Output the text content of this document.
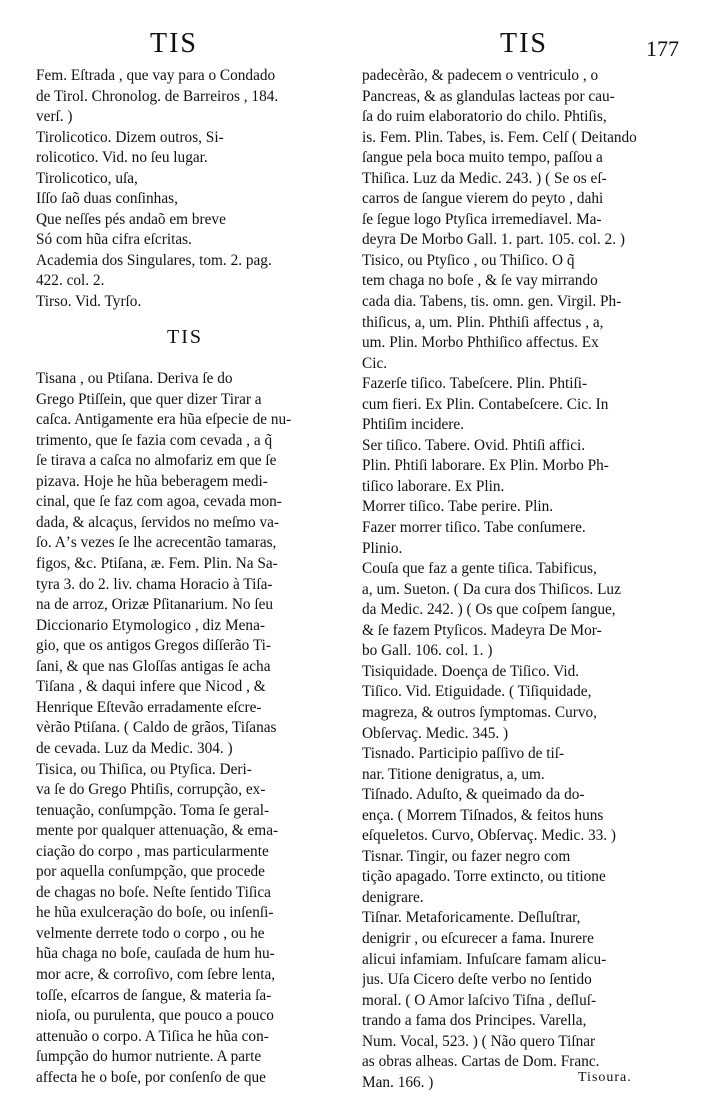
TIS	TIS	177
Fem. Eſtrada , que vay para o Condado
de Tirol. Chronolog. de Barreiros , 184.
verſ. )
Tirolicotico. Dizem outros, Si-
rolicotico. Vid. no ſeu lugar.
Tirolicotico, uſa,
Iſſo ſaõ duas conſinhas,
Que neſſes pés andaõ em breve
Só com hũa cifra eſcritas.
Academia dos Singulares, tom. 2. pag.
422. col. 2.
Tirso. Vid. Tyrſo.
TIS
Tisana , ou Ptiſana. Deriva ſe do
Grego Ptiſſein, que quer dizer Tirar a
caſca. Antigamente era hũa eſpecie de nu-
trimento, que ſe fazia com cevada , a q̃
ſe tirava a caſca no almofariz em que ſe
pizava. Hoje he hũa beberagem medi-
cinal, que ſe faz com agoa, cevada mon-
dada, & alcaçus, ſervidos no meſmo va-
ſo. Aʼs vezes ſe lhe acrecentão tamaras,
figos, &c. Ptiſana, æ. Fem. Plin. Na Sa-
tyra 3. do 2. liv. chama Horacio à Tiſa-
na de arroz, Orizæ Pſitanarium. No ſeu
Diccionario Etymologico , diz Mena-
gio, que os antigos Gregos diſſerão Ti-
ſani, & que nas Gloſſas antigas ſe acha
Tiſana , & daqui infere que Nicod , &
Henrique Eſtevão erradamente eſcre-
vèrão Ptiſana. ( Caldo de grãos, Tiſanas
de cevada. Luz da Medic. 304. )
Tisica, ou Thiſica, ou Ptyſica. Deri-
va ſe do Grego Phtiſis, corrupção, ex-
tenuação, conſumpção. Toma ſe geral-
mente por qualquer attenuação, & ema-
ciação do corpo , mas particularmente
por aquella conſumpção, que procede
de chagas no boſe. Neſte ſentido Tiſica
he hũa exulceração do boſe, ou inſenſi-
velmente derrete todo o corpo , ou he
hũa chaga no boſe, cauſada de hum hu-
mor acre, & corroſivo, com ſebre lenta,
toſſe, eſcarros de ſangue, & materia ſa-
nioſa, ou purulenta, que pouco a pouco
attenuão o corpo. A Tiſica he hũa con-
ſumpção do humor nutriente. A parte
affecta he o boſe, por conſenſo de que
padecèrão, & padecem o ventriculo , o
Pancreas, & as glandulas lacteas por cau-
ſa do ruim elaboratorio do chilo. Phtiſis,
is. Fem. Plin. Tabes, is. Fem. Celſ ( Deitando
ſangue pela boca muito tempo, paſſou a
Thiſica. Luz da Medic. 243. ) ( Se os eſ-
carros de ſangue vierem do peyto , dahi
ſe ſegue logo Ptyſica irremediavel. Ma-
deyra De Morbo Gall. 1. part. 105. col. 2. )
Tisico, ou Ptyſico , ou Thiſico. O q̃
tem chaga no boſe , & ſe vay mirrando
cada dia. Tabens, tis. omn. gen. Virgil. Ph-
thiſicus, a, um. Plin. Phthiſi affectus , a,
um. Plin. Morbo Phthiſico affectus. Ex
Cic.
Fazerſe tiſico. Tabeſcere. Plin. Phtiſi-
cum fieri. Ex Plin. Contabeſcere. Cic. In
Phtiſim incidere.
Ser tiſico. Tabere. Ovid. Phtiſi affici.
Plin. Phtiſi laborare. Ex Plin. Morbo Ph-
tiſico laborare. Ex Plin.
Morrer tiſico. Tabe perire. Plin.
Fazer morrer tiſico. Tabe conſumere.
Plinio.
Couſa que faz a gente tiſica. Tabificus,
a, um. Sueton. ( Da cura dos Thiſicos. Luz
da Medic. 242. ) ( Os que coſpem ſangue,
& ſe fazem Ptyſicos. Madeyra De Mor-
bo Gall. 106. col. 1. )
Tisiquidade. Doença de Tiſico. Vid.
Tiſico. Vid. Etiguidade. ( Tiſiquidade,
magreza, & outros ſymptomas. Curvo,
Obſervaç. Medic. 345. )
Tisnado. Participio paſſivo de tiſ-
nar. Titione denigratus, a, um.
Tiſnado. Aduſto, & queimado da do-
ença. ( Morrem Tiſnados, & feitos huns
eſqueletos. Curvo, Obſervaç. Medic. 33. )
Tisnar. Tingir, ou fazer negro com
tição apagado. Torre extincto, ou titione
denigrare.
Tiſnar. Metaforicamente. Deſluſtrar,
denigrir , ou eſcurecer a fama. Inurere
alicui infamiam. Infuſcare famam alicu-
jus. Uſa Cicero deſte verbo no ſentido
moral. ( O Amor laſcivo Tiſna , deſluſ-
trando a fama dos Principes. Varella,
Num. Vocal, 523. ) ( Não quero Tiſnar
as obras alheas. Cartas de Dom. Franc.
Man. 166. )	Tisoura.
